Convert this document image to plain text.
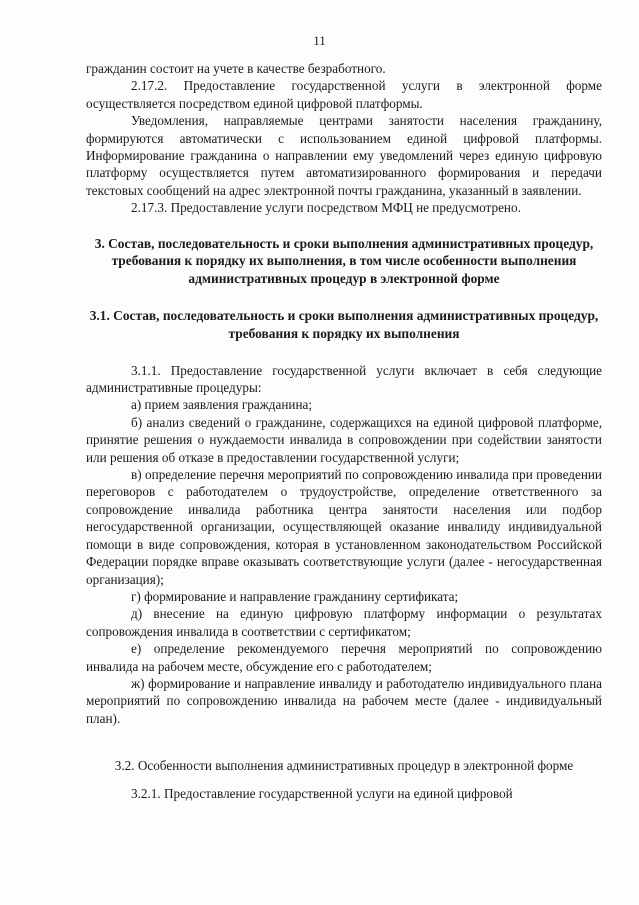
11

гражданин состоит на учете в качестве безработного.

2.17.2. Предоставление государственной услуги в электронной форме осуществляется посредством единой цифровой платформы.

Уведомления, направляемые центрами занятости населения гражданину, формируются автоматически с использованием единой цифровой платформы. Информирование гражданина о направлении ему уведомлений через единую цифровую платформу осуществляется путем автоматизированного формирования и передачи текстовых сообщений на адрес электронной почты гражданина, указанный в заявлении.

2.17.3. Предоставление услуги посредством МФЦ не предусмотрено.

3. Состав, последовательность и сроки выполнения административных процедур, требования к порядку их выполнения, в том числе особенности выполнения административных процедур в электронной форме

3.1. Состав, последовательность и сроки выполнения административных процедур, требования к порядку их выполнения

3.1.1. Предоставление государственной услуги включает в себя следующие административные процедуры:

а) прием заявления гражданина;

б) анализ сведений о гражданине, содержащихся на единой цифровой платформе, принятие решения о нуждаемости инвалида в сопровождении при содействии занятости или решения об отказе в предоставлении государственной услуги;

в) определение перечня мероприятий по сопровождению инвалида при проведении переговоров с работодателем о трудоустройстве, определение ответственного за сопровождение инвалида работника центра занятости населения или подбор негосударственной организации, осуществляющей оказание инвалиду индивидуальной помощи в виде сопровождения, которая в установленном законодательством Российской Федерации порядке вправе оказывать соответствующие услуги (далее - негосударственная организация);

г) формирование и направление гражданину сертификата;

д) внесение на единую цифровую платформу информации о результатах сопровождения инвалида в соответствии с сертификатом;

е) определение рекомендуемого перечня мероприятий по сопровождению инвалида на рабочем месте, обсуждение его с работодателем;

ж) формирование и направление инвалиду и работодателю индивидуального плана мероприятий по сопровождению инвалида на рабочем месте (далее - индивидуальный план).

3.2. Особенности выполнения административных процедур в электронной форме

3.2.1. Предоставление государственной услуги на единой цифровой
